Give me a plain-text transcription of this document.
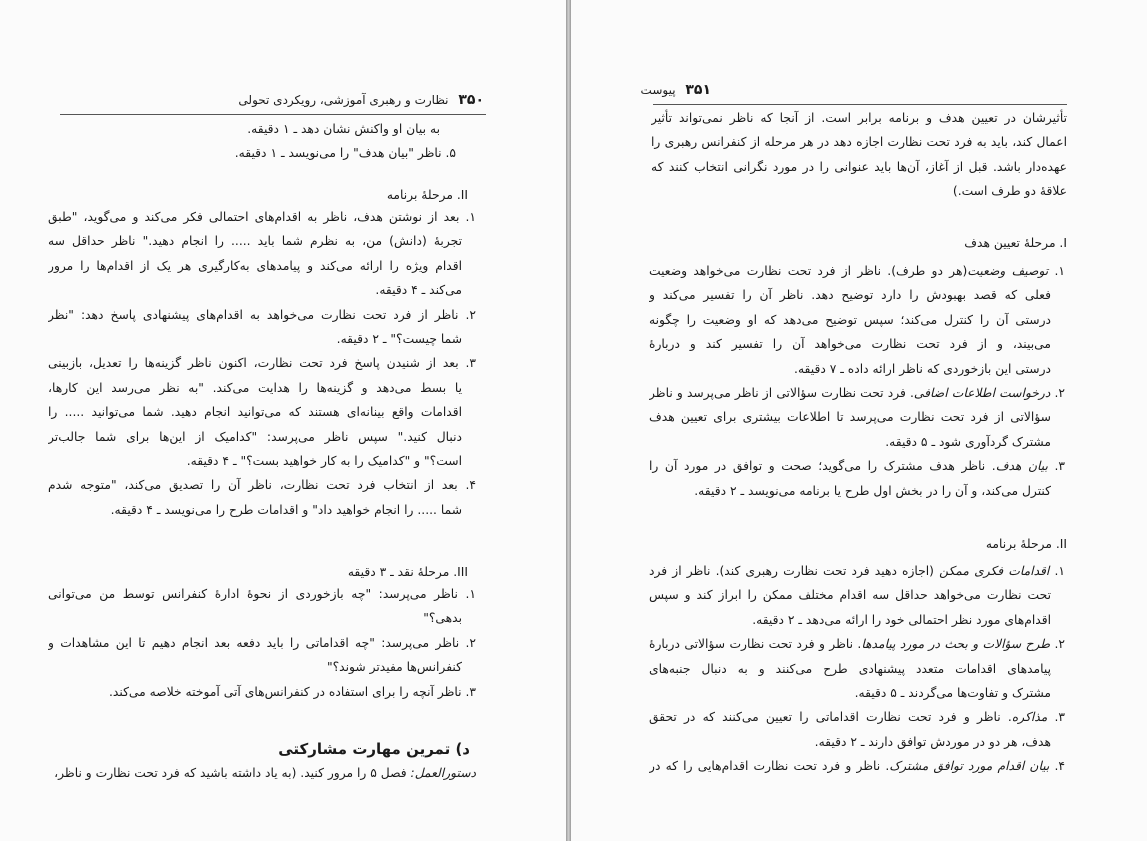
۳۵۰ نظارت و رهبری آموزشی، رویکردی تحولی
به بیان او واکنش نشان دهد ـ ۱ دقیقه.
۵. ناظر "بیان هدف" را می‌نویسد ـ ۱ دقیقه.
II. مرحلهٔ برنامه
۱. بعد از نوشتن هدف، ناظر به اقدام‌های احتمالی فکر می‌کند و می‌گوید، "طبق
تجربهٔ (دانش) من، به نظرم شما باید ..... را انجام دهید." ناظر حداقل سه
اقدام ویژه را ارائه می‌کند و پیامدهای به‌کارگیری هر یک از اقدام‌ها را مرور
می‌کند ـ ۴ دقیقه.
۲. ناظر از فرد تحت نظارت می‌خواهد به اقدام‌های پیشنهادی پاسخ دهد: "نظر
شما چیست؟" ـ ۲ دقیقه.
۳. بعد از شنیدن پاسخ فرد تحت نظارت، اکنون ناظر گزینه‌ها را تعدیل، بازبینی
یا بسط می‌دهد و گزینه‌ها را هدایت می‌کند. "به نظر می‌رسد این کارها،
اقدامات واقع بینانه‌ای هستند که می‌توانید انجام دهید. شما می‌توانید ..... را
دنبال کنید." سپس ناظر می‌پرسد: "کدامیک از این‌ها برای شما جالب‌تر
است؟" و "کدامیک را به کار خواهید بست؟" ـ ۴ دقیقه.
۴. بعد از انتخاب فرد تحت نظارت، ناظر آن را تصدیق می‌کند، "متوجه شدم
شما ..... را انجام خواهید داد" و اقدامات طرح را می‌نویسد ـ ۴ دقیقه.
III. مرحلهٔ نقد ـ ۳ دقیقه
۱. ناظر می‌پرسد: "چه بازخوردی از نحوهٔ ادارهٔ کنفرانس توسط من می‌توانی
بدهی؟"
۲. ناظر می‌پرسد: "چه اقداماتی را باید دفعه بعد انجام دهیم تا این مشاهدات و
کنفرانس‌ها مفیدتر شوند؟"
۳. ناظر آنچه را برای استفاده در کنفرانس‌های آتی آموخته خلاصه می‌کند.
د) تمرین مهارت مشارکتی
دستورالعمل: فصل ۵ را مرور کنید. (به یاد داشته باشید که فرد تحت نظارت و ناظر،
۳۵۱ پیوست
تأثیرشان در تعیین هدف و برنامه برابر است. از آنجا که ناظر نمی‌تواند تأثیر
اعمال کند، باید به فرد تحت نظارت اجازه دهد در هر مرحله از کنفرانس رهبری را
عهده‌دار باشد. قبل از آغاز، آن‌ها باید عنوانی را در مورد نگرانی انتخاب کنند که
علاقهٔ دو طرف است.)
I. مرحلهٔ تعیین هدف
۱. توصیف وضعیت(هر دو طرف). ناظر از فرد تحت نظارت می‌خواهد وضعیت
فعلی که قصد بهبودش را دارد توضیح دهد. ناظر آن را تفسیر می‌کند و
درستی آن را کنترل می‌کند؛ سپس توضیح می‌دهد که او وضعیت را چگونه
می‌بیند، و از فرد تحت نظارت می‌خواهد آن را تفسیر کند و دربارهٔ
درستی این بازخوردی که ناظر ارائه داده ـ ۷ دقیقه.
۲. درخواست اطلاعات اضافی. فرد تحت نظارت سؤالاتی از ناظر می‌پرسد و ناظر
سؤالاتی از فرد تحت نظارت می‌پرسد تا اطلاعات بیشتری برای تعیین هدف
مشترک گردآوری شود ـ ۵ دقیقه.
۳. بیان هدف. ناظر هدف مشترک را می‌گوید؛ صحت و توافق در مورد آن را
کنترل می‌کند، و آن را در بخش اول طرح یا برنامه می‌نویسد ـ ۲ دقیقه.
II. مرحلهٔ برنامه
۱. اقدامات فکری ممکن (اجازه دهید فرد تحت نظارت رهبری کند). ناظر از فرد
تحت نظارت می‌خواهد حداقل سه اقدام مختلف ممکن را ابراز کند و سپس
اقدام‌های مورد نظر احتمالی خود را ارائه می‌دهد ـ ۲ دقیقه.
۲. طرح سؤالات و بحث در مورد پیامدها. ناظر و فرد تحت نظارت سؤالاتی دربارهٔ
پیامدهای اقدامات متعدد پیشنهادی طرح می‌کنند و به دنبال جنبه‌های
مشترک و تفاوت‌ها می‌گردند ـ ۵ دقیقه.
۳. مذاکره. ناظر و فرد تحت نظارت اقداماتی را تعیین می‌کنند که در تحقق
هدف، هر دو در موردش توافق دارند ـ ۲ دقیقه.
۴. بیان اقدام مورد توافق مشترک. ناظر و فرد تحت نظارت اقدام‌هایی را که در
